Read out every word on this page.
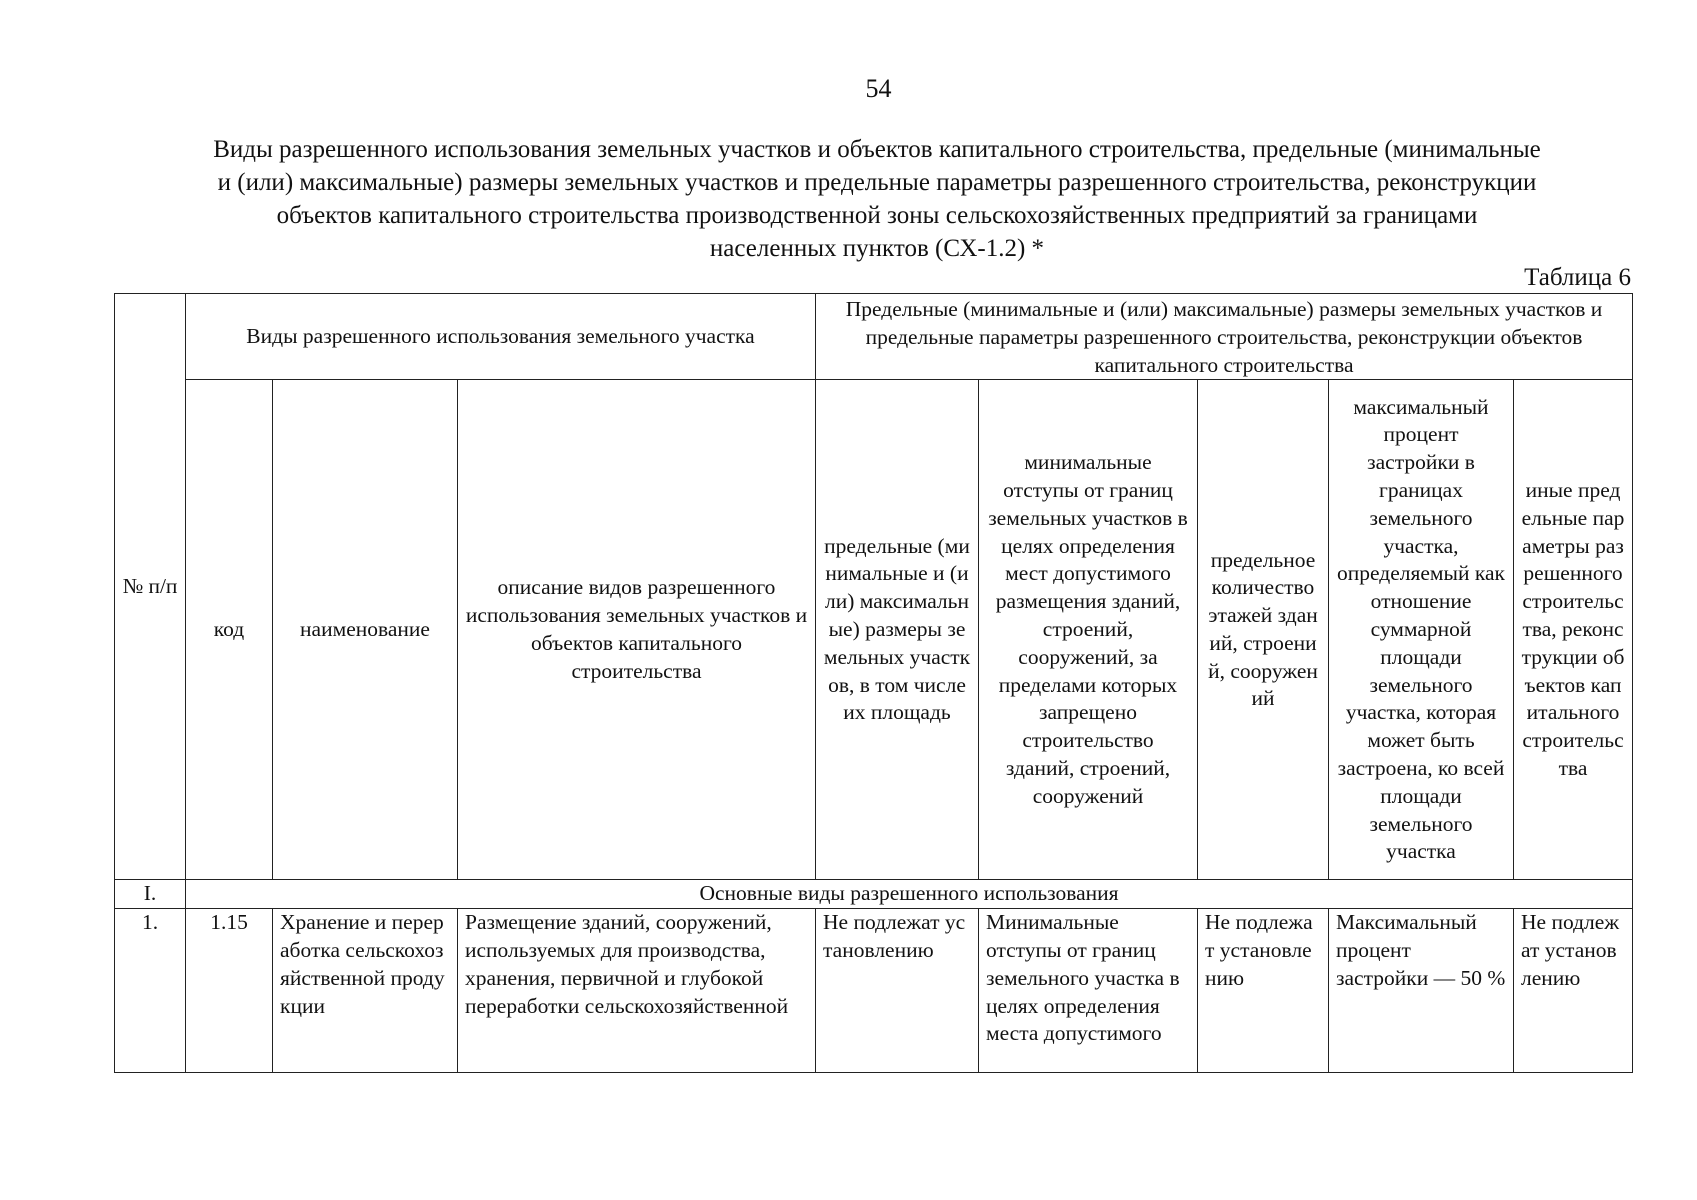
54
Виды разрешенного использования земельных участков и объектов капитального строительства, предельные (минимальные
и (или) максимальные) размеры земельных участков и предельные параметры разрешенного строительства, реконструкции
объектов капитального строительства производственной зоны сельскохозяйственных предприятий за границами
населенных пунктов (СХ-1.2) *
Таблица 6
№ п/п	Виды разрешенного использования земельного участка			Предельные (минимальные и (или) максимальные) размеры земельных участков и предельные параметры разрешенного строительства, реконструкции объектов капитального строительства				
	код	наименование	описание видов разрешенного использования земельных участков и объектов капитального строительства	предельные (минимальные и (или) максимальные) размеры земельных участков, в том числе их площадь	минимальные отступы от границ земельных участков в целях определения мест допустимого размещения зданий, строений, сооружений, за пределами которых запрещено строительство зданий, строений, сооружений	предельное количество этажей зданий, строений, сооружений	максимальный процент застройки в границах земельного участка, определяемый как отношение суммарной площади земельного участка, которая может быть застроена, ко всей площади земельного участка	иные предельные параметры разрешенного строительства, реконструкции объектов капитального строительства
I.	Основные виды разрешенного использования							
1.	1.15	Хранение и переработка сельскохозяйственной продукции	Размещение зданий, сооружений, используемых для производства, хранения, первичной и глубокой переработки сельскохозяйственной	Не подлежат установлению	Минимальные отступы от границ земельного участка в целях определения места допустимого	Не подлежат установлению	Максимальный процент застройки — 50 %	Не подлежат установлению
